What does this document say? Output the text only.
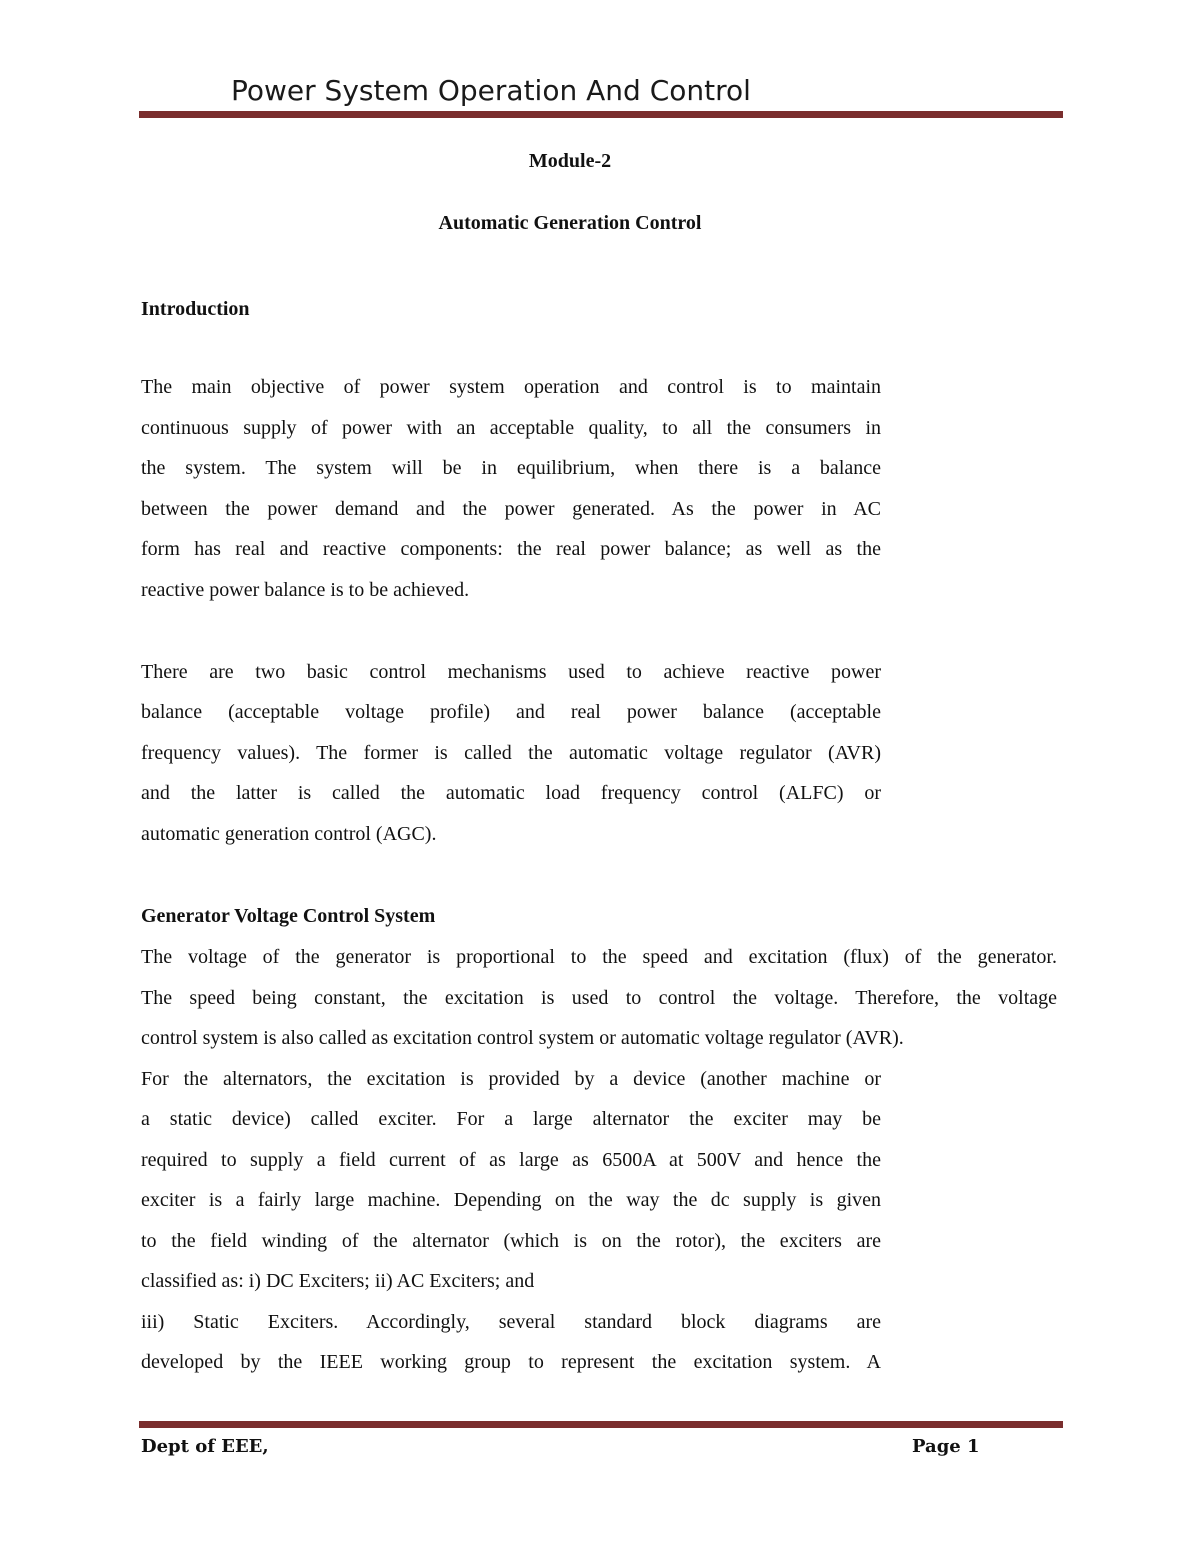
Power System Operation And Control
Module-2
Automatic Generation Control
Introduction
The main objective of power system operation and control is to maintain
continuous supply of power with an acceptable quality, to all the consumers in
the system. The system will be in equilibrium, when there is a balance
between the power demand and the power generated. As the power in AC
form has real and reactive components: the real power balance; as well as the
reactive power balance is to be achieved.
There are two basic control mechanisms used to achieve reactive power
balance (acceptable voltage profile) and real power balance (acceptable
frequency values). The former is called the automatic voltage regulator (AVR)
and the latter is called the automatic load frequency control (ALFC) or
automatic generation control (AGC).
Generator Voltage Control System
The voltage of the generator is proportional to the speed and excitation (flux) of the generator.
The speed being constant, the excitation is used to control the voltage. Therefore, the voltage
control system is also called as excitation control system or automatic voltage regulator (AVR).
For the alternators, the excitation is provided by a device (another machine or
a static device) called exciter. For a large alternator the exciter may be
required to supply a field current of as large as 6500A at 500V and hence the
exciter is a fairly large machine. Depending on the way the dc supply is given
to the field winding of the alternator (which is on the rotor), the exciters are
classified as: i) DC Exciters; ii) AC Exciters; and
iii) Static Exciters. Accordingly, several standard block diagrams are
developed by the IEEE working group to represent the excitation system. A
Dept of EEE,	Page 1
